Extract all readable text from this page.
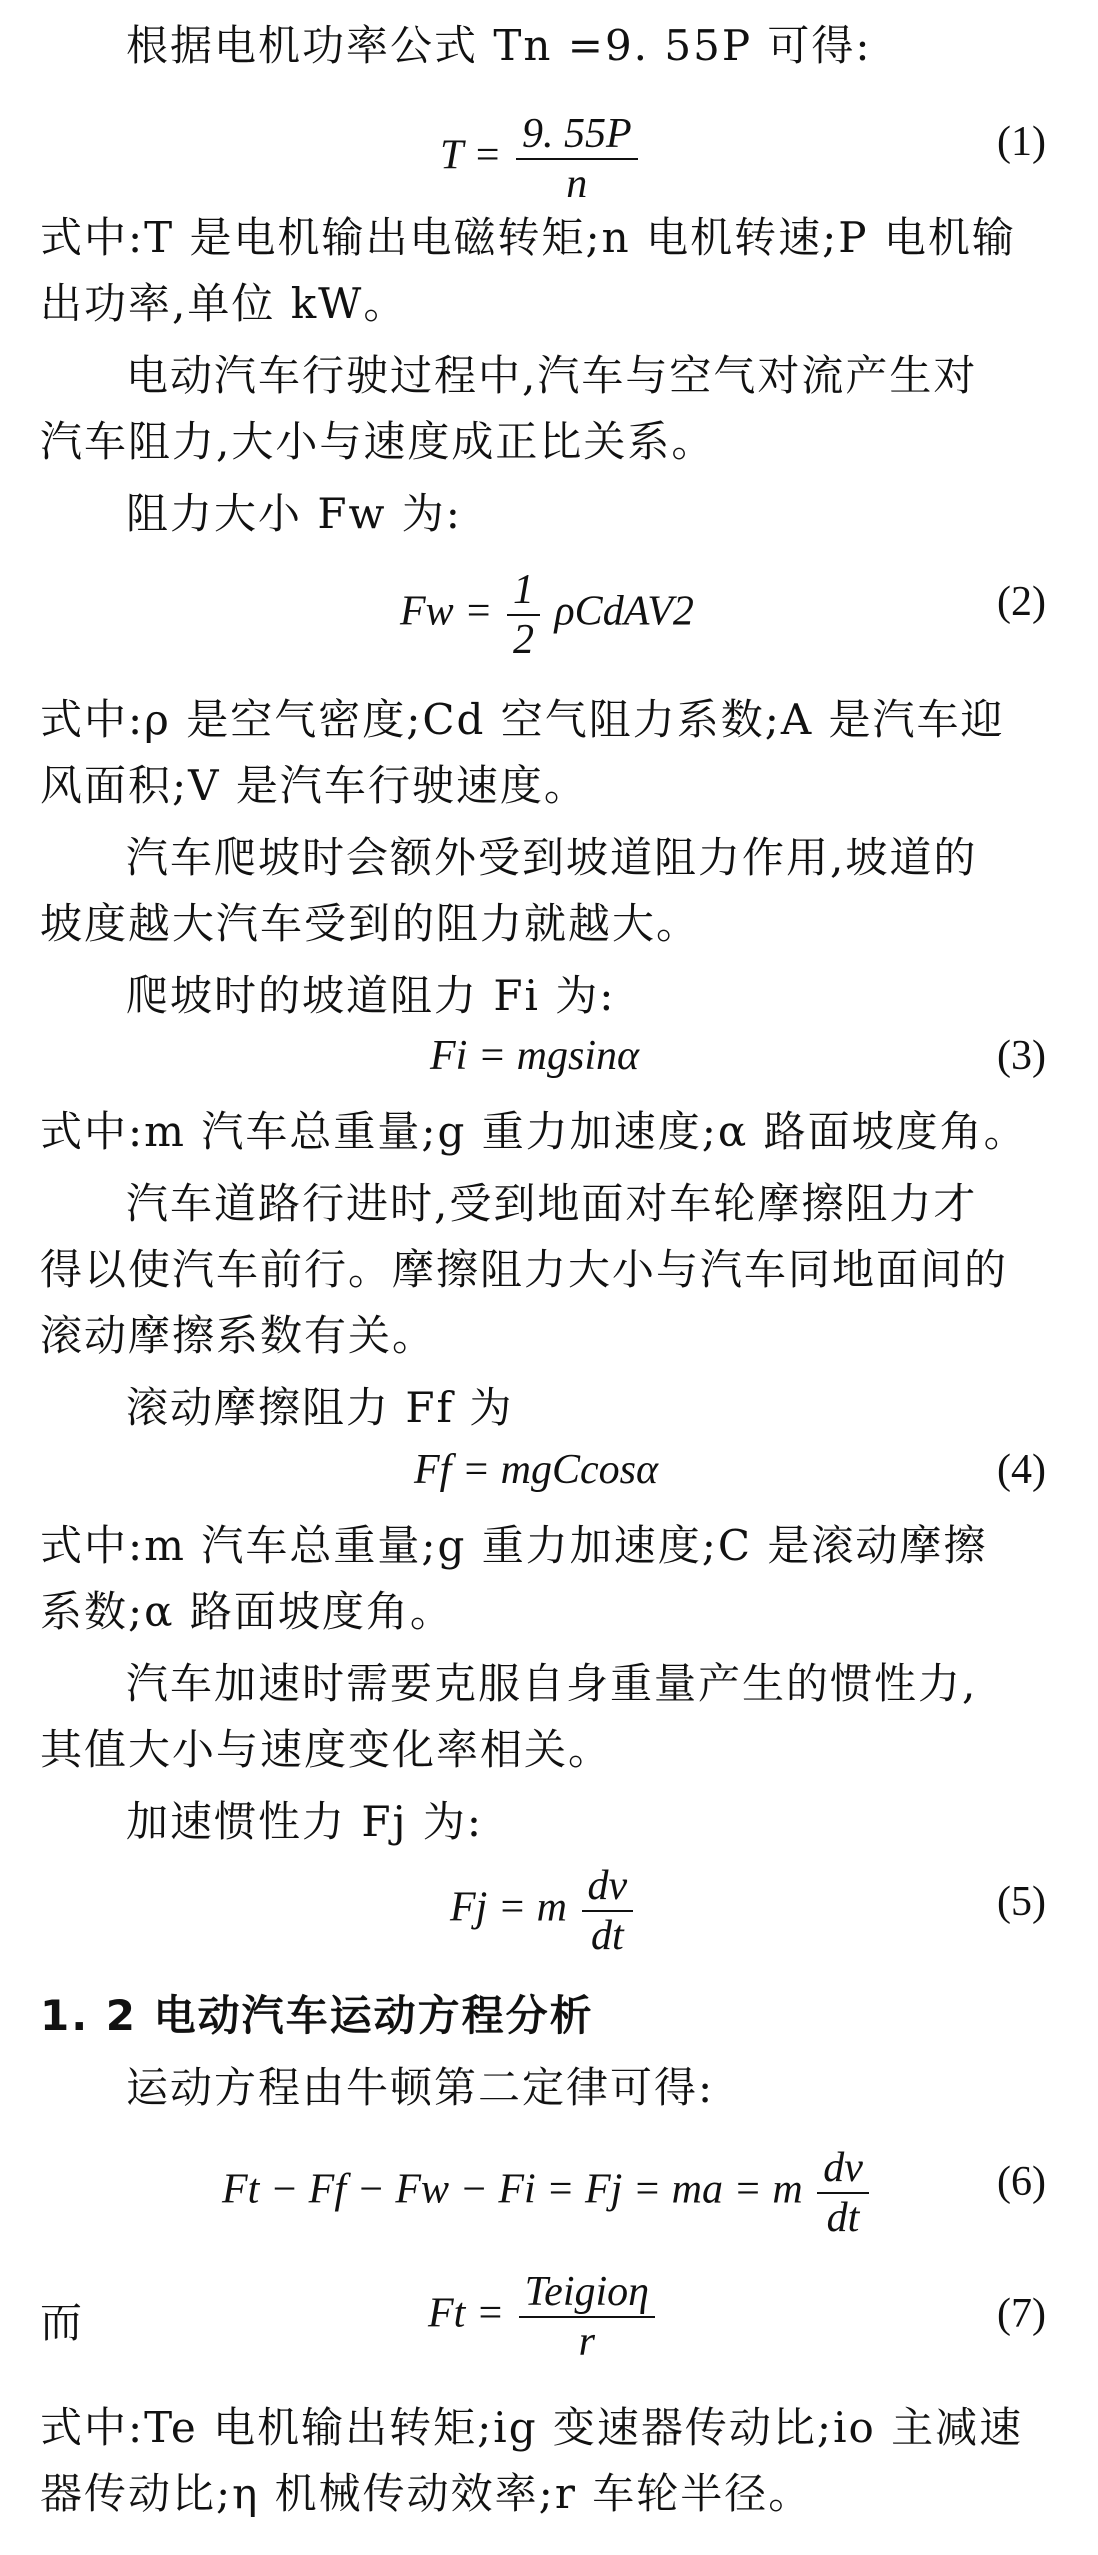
根据电机功率公式 Tn =9. 55P 可得:
$T = \frac{9. 55P}{n}$	(1)
式中:T 是电机输出电磁转矩;n 电机转速;P 电机输
出功率,单位 kW。
电动汽车行驶过程中,汽车与空气对流产生对
汽车阻力,大小与速度成正比关系。
阻力大小 Fw 为:
$Fw = \frac{1}{2}$ ρCdAV2	(2)
式中:ρ 是空气密度;Cd 空气阻力系数;A 是汽车迎
风面积;V 是汽车行驶速度。
汽车爬坡时会额外受到坡道阻力作用,坡道的
坡度越大汽车受到的阻力就越大。
爬坡时的坡道阻力 Fi 为:
Fi = mgsinα	(3)
式中:m 汽车总重量;g 重力加速度;α 路面坡度角。
汽车道路行进时,受到地面对车轮摩擦阻力才
得以使汽车前行。摩擦阻力大小与汽车同地面间的
滚动摩擦系数有关。
滚动摩擦阻力 Ff 为
Ff = mgCcosα	(4)
式中:m 汽车总重量;g 重力加速度;C 是滚动摩擦
系数;α 路面坡度角。
汽车加速时需要克服自身重量产生的惯性力,
其值大小与速度变化率相关。
加速惯性力 Fj 为:
Fj = m $\frac{dv}{dt}$	(5)
1. 2 电动汽车运动方程分析
运动方程由牛顿第二定律可得:
Ft − Ff − Fw − Fi = Fj = ma = m $\frac{dv}{dt}$	(6)
而	$Ft = \frac{\text{Teigioη}}{r}$	(7)
式中:Te 电机输出转矩;ig 变速器传动比;io 主减速
器传动比;η 机械传动效率;r 车轮半径。
